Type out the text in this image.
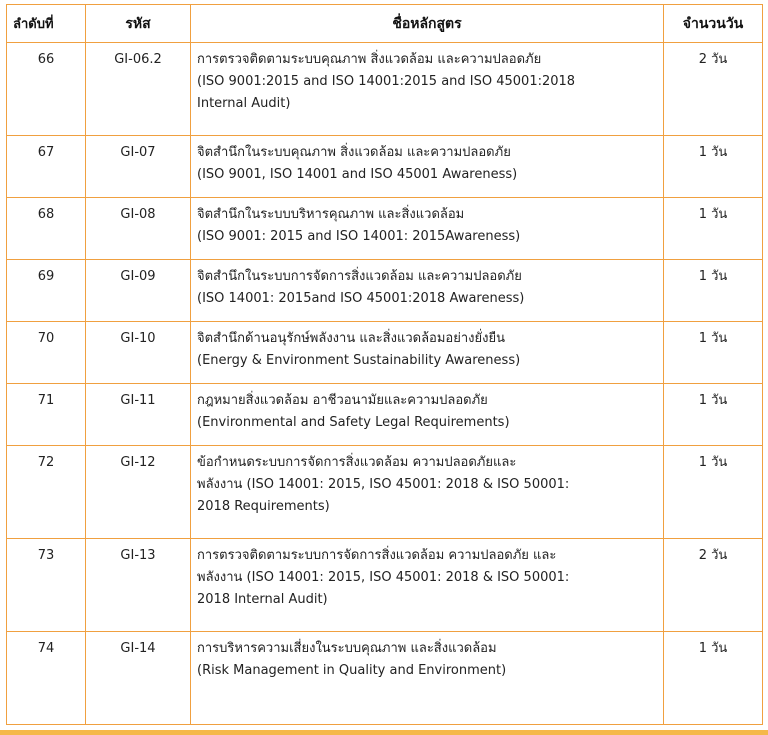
ลำดับที่	รหัส	ชื่อหลักสูตร	จำนวนวัน
66	GI-06.2	การตรวจติดตามระบบคุณภาพ สิ่งแวดล้อม และความปลอดภัย
(ISO 9001:2015 and ISO 14001:2015 and ISO 45001:2018
Internal Audit)	2 วัน
67	GI-07	จิตสำนึกในระบบคุณภาพ สิ่งแวดล้อม และความปลอดภัย
(ISO 9001, ISO 14001 and ISO 45001 Awareness)	1 วัน
68	GI-08	จิตสำนึกในระบบบริหารคุณภาพ และสิ่งแวดล้อม
(ISO 9001: 2015 and ISO 14001: 2015Awareness)	1 วัน
69	GI-09	จิตสำนึกในระบบการจัดการสิ่งแวดล้อม และความปลอดภัย
(ISO 14001: 2015and ISO 45001:2018 Awareness)	1 วัน
70	GI-10	จิตสำนึกด้านอนุรักษ์พลังงาน และสิ่งแวดล้อมอย่างยั่งยืน
(Energy & Environment Sustainability Awareness)	1 วัน
71	GI-11	กฎหมายสิ่งแวดล้อม อาชีวอนามัยและความปลอดภัย
(Environmental and Safety Legal Requirements)	1 วัน
72	GI-12	ข้อกำหนดระบบการจัดการสิ่งแวดล้อม ความปลอดภัยและ
พลังงาน (ISO 14001: 2015, ISO 45001: 2018 & ISO 50001:
2018 Requirements)	1 วัน
73	GI-13	การตรวจติดตามระบบการจัดการสิ่งแวดล้อม ความปลอดภัย และ
พลังงาน (ISO 14001: 2015, ISO 45001: 2018 & ISO 50001:
2018 Internal Audit)	2 วัน
74	GI-14	การบริหารความเสี่ยงในระบบคุณภาพ และสิ่งแวดล้อม
(Risk Management in Quality and Environment)	1 วัน
